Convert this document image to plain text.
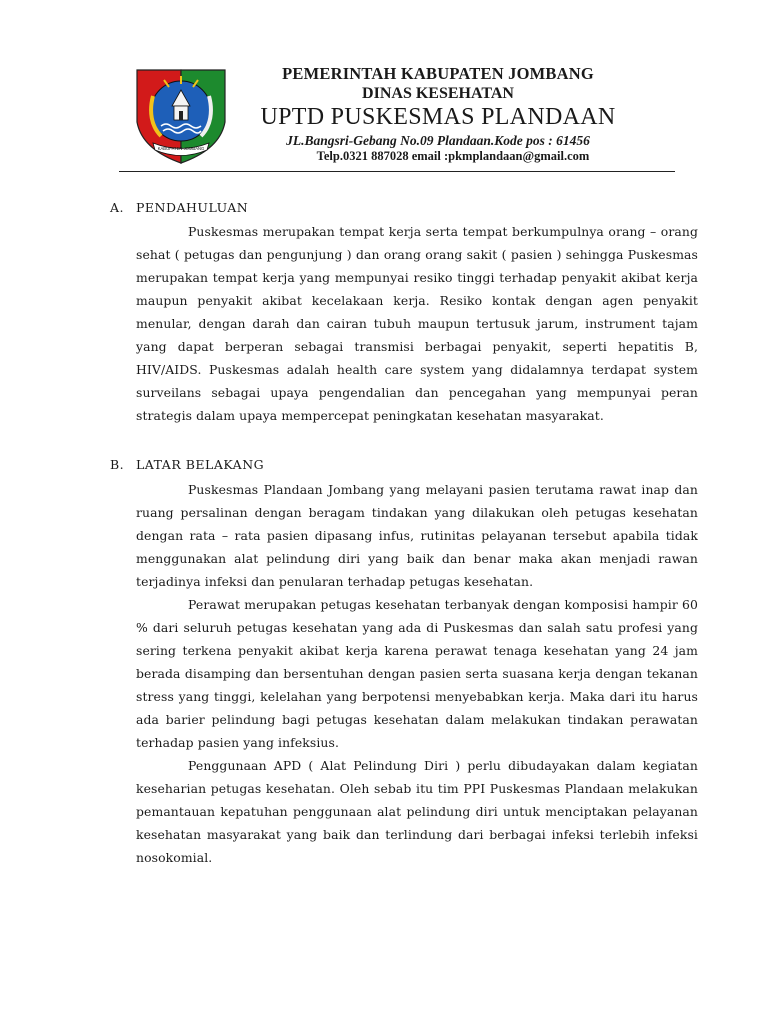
KABUPATEN JOMBANG
PEMERINTAH KABUPATEN JOMBANG
DINAS KESEHATAN
UPTD PUSKESMAS PLANDAAN
JL.Bangsri-Gebang No.09 Plandaan.Kode pos : 61456
Telp.0321 887028 email :pkmplandaan@gmail.com
A. PENDAHULUAN

Puskesmas merupakan tempat kerja serta tempat berkumpulnya orang – orang sehat ( petugas dan pengunjung ) dan orang orang sakit ( pasien ) sehingga Puskesmas merupakan tempat kerja yang mempunyai resiko tinggi terhadap penyakit akibat kerja maupun penyakit akibat kecelakaan kerja. Resiko kontak dengan agen penyakit menular, dengan darah dan cairan tubuh maupun tertusuk jarum, instrument tajam yang dapat berperan sebagai transmisi berbagai penyakit, seperti hepatitis B, HIV/AIDS. Puskesmas adalah health care system yang didalamnya terdapat system surveilans sebagai upaya pengendalian dan pencegahan yang mempunyai peran strategis dalam upaya mempercepat peningkatan kesehatan masyarakat.

B. LATAR BELAKANG

Puskesmas Plandaan Jombang yang melayani pasien terutama rawat inap dan ruang persalinan dengan beragam tindakan yang dilakukan oleh petugas kesehatan dengan rata – rata pasien dipasang infus, rutinitas pelayanan tersebut apabila tidak menggunakan alat pelindung diri yang baik dan benar maka akan menjadi rawan terjadinya infeksi dan penularan terhadap petugas kesehatan.

Perawat merupakan petugas kesehatan terbanyak dengan komposisi hampir 60 % dari seluruh petugas kesehatan yang ada di Puskesmas dan salah satu profesi yang sering terkena penyakit akibat kerja karena perawat tenaga kesehatan yang 24 jam berada disamping dan bersentuhan dengan pasien serta suasana kerja dengan tekanan stress yang tinggi, kelelahan yang berpotensi menyebabkan kerja. Maka dari itu harus ada barier pelindung bagi petugas kesehatan dalam melakukan tindakan perawatan terhadap pasien yang infeksius.

Penggunaan APD ( Alat Pelindung Diri ) perlu dibudayakan dalam kegiatan keseharian petugas kesehatan. Oleh sebab itu tim PPI Puskesmas Plandaan melakukan pemantauan kepatuhan penggunaan alat pelindung diri untuk menciptakan pelayanan kesehatan masyarakat yang baik dan terlindung dari berbagai infeksi terlebih infeksi nosokomial.
